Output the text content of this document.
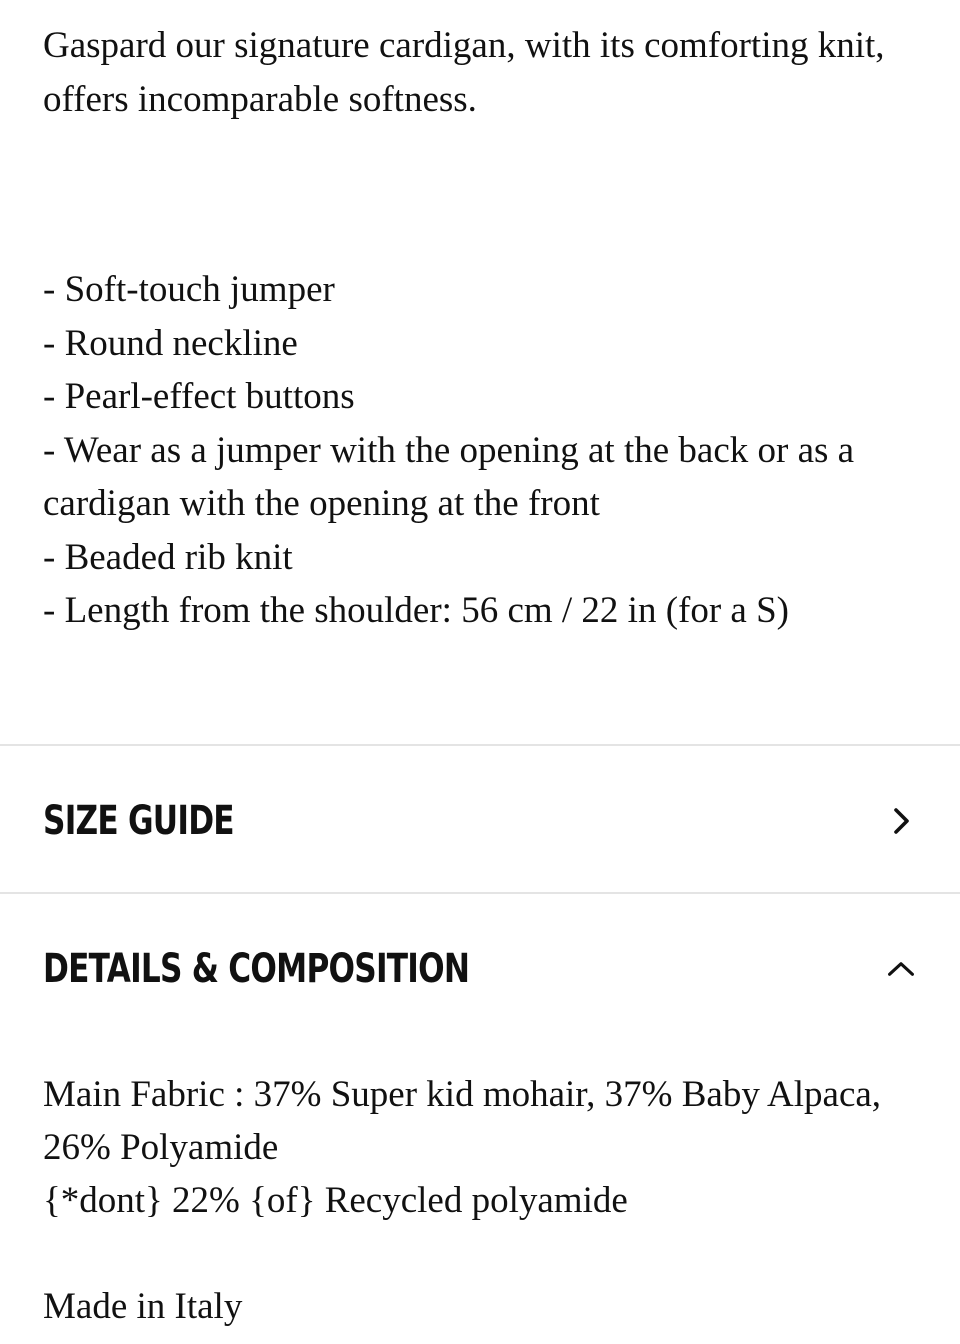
Gaspard our signature cardigan, with its comforting knit, offers incomparable softness.

- Soft-touch jumper
- Round neckline
- Pearl-effect buttons
- Wear as a jumper with the opening at the back or as a cardigan with the opening at the front
- Beaded rib knit
- Length from the shoulder: 56 cm / 22 in (for a S)
SIZE GUIDE
DETAILS & COMPOSITION
Main Fabric : 37% Super kid mohair, 37% Baby Alpaca, 26% Polyamide
{*dont} 22% {of} Recycled polyamide

Made in Italy
